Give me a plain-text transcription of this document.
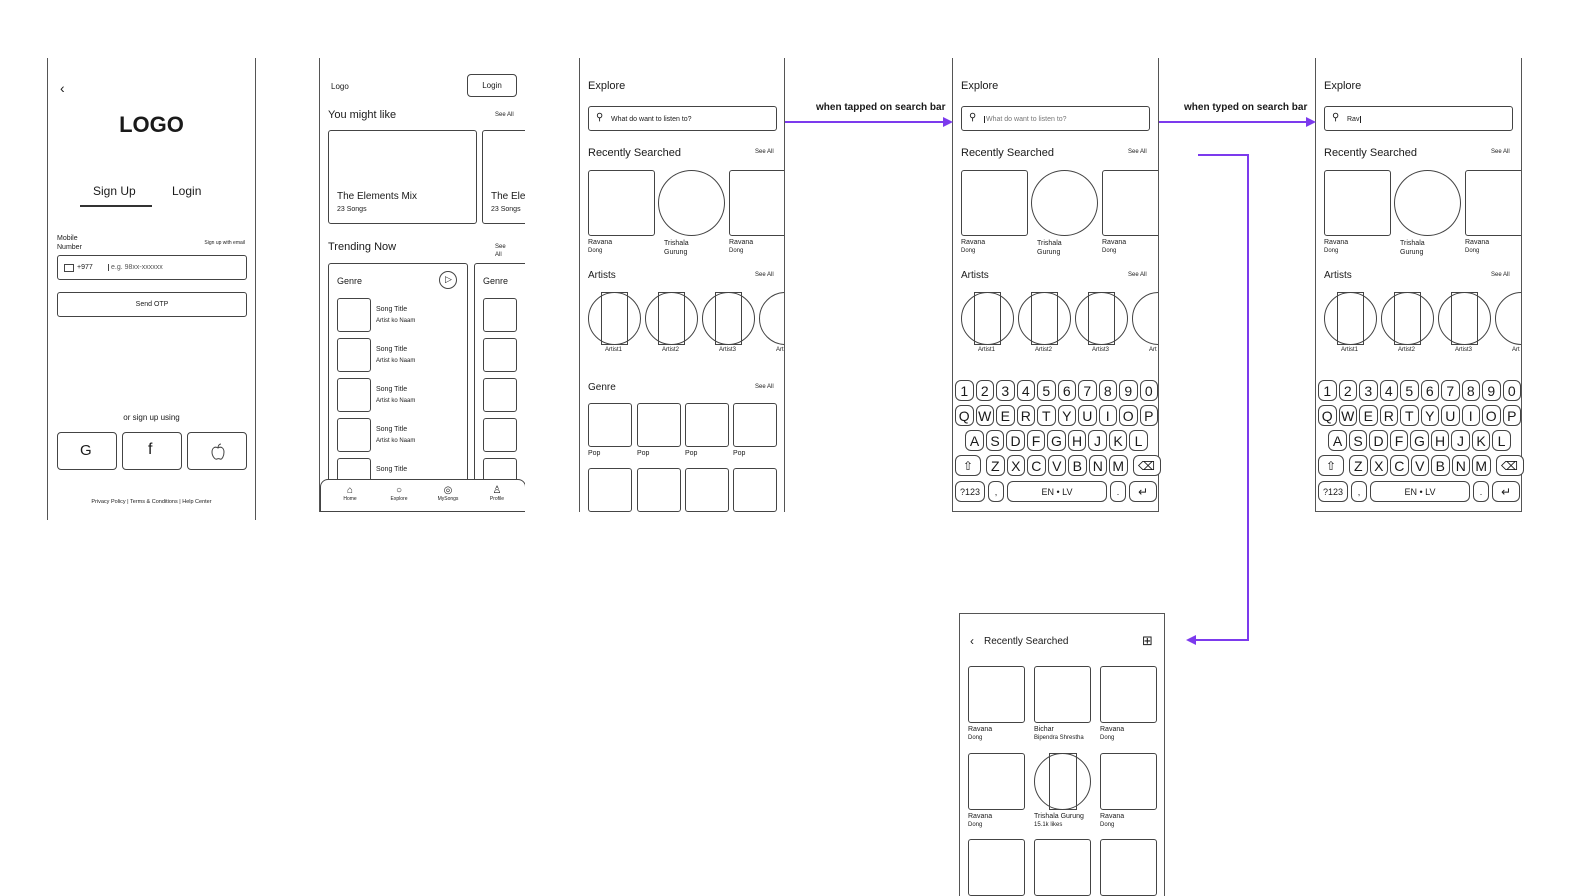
‹
LOGO
Sign Up	Login
Mobile Number
Sign up with email
+977	e.g. 98xx-xxxxxx
Send OTP
or sign up using
G	f
Privacy Policy | Terms & Conditions | Help Center
Logo	Login
You might like	See All
The Elements Mix
23 Songs
The Ele
23 Songs
Trending Now	See All
Genre	▷
Song Title
Artist ko Naam
Song Title
Artist ko Naam
Song Title
Artist ko Naam
Song Title
Artist ko Naam
Song Title
Genre
⌂
Home
○
Explore
◎
MySongs
♙
Profile
Explore
⚲ What do want to listen to?
Recently Searched	See All
Ravana
Dong
Trishala Gurung
Ravana
Dong
Artists	See All
Artist1	Artist2	Artist3	Art
Genre	See All
Pop	Pop	Pop	Pop
Explore
⚲ What do want to listen to?
Recently Searched	See All
Ravana
Dong
Trishala Gurung
Ravana
Dong
Artists	See All
Artist1	Artist2	Artist3	Art
Explore
⚲ Rav
Recently Searched	See All
Ravana
Dong
Trishala Gurung
Ravana
Dong
Artists	See All
Artist1	Artist2	Artist3	Art
1 2 3 4 5 6 7 8 9 0
Q W E R T Y U I O P
A S D F G H J K L
⇧	Z X C V B N M	⌫
?123	,	EN • LV	.	↵
1 2 3 4 5 6 7 8 9 0
Q W E R T Y U I O P
A S D F G H J K L
⇧	Z X C V B N M	⌫
?123	,	EN • LV	.	↵
‹ Recently Searched	⊞
Ravana
Dong
Bichar
Bipendra Shrestha
Ravana
Dong
Ravana
Dong
Trishala Gurung
15.1k likes
Ravana
Dong
when tapped on search bar	when typed on search bar
